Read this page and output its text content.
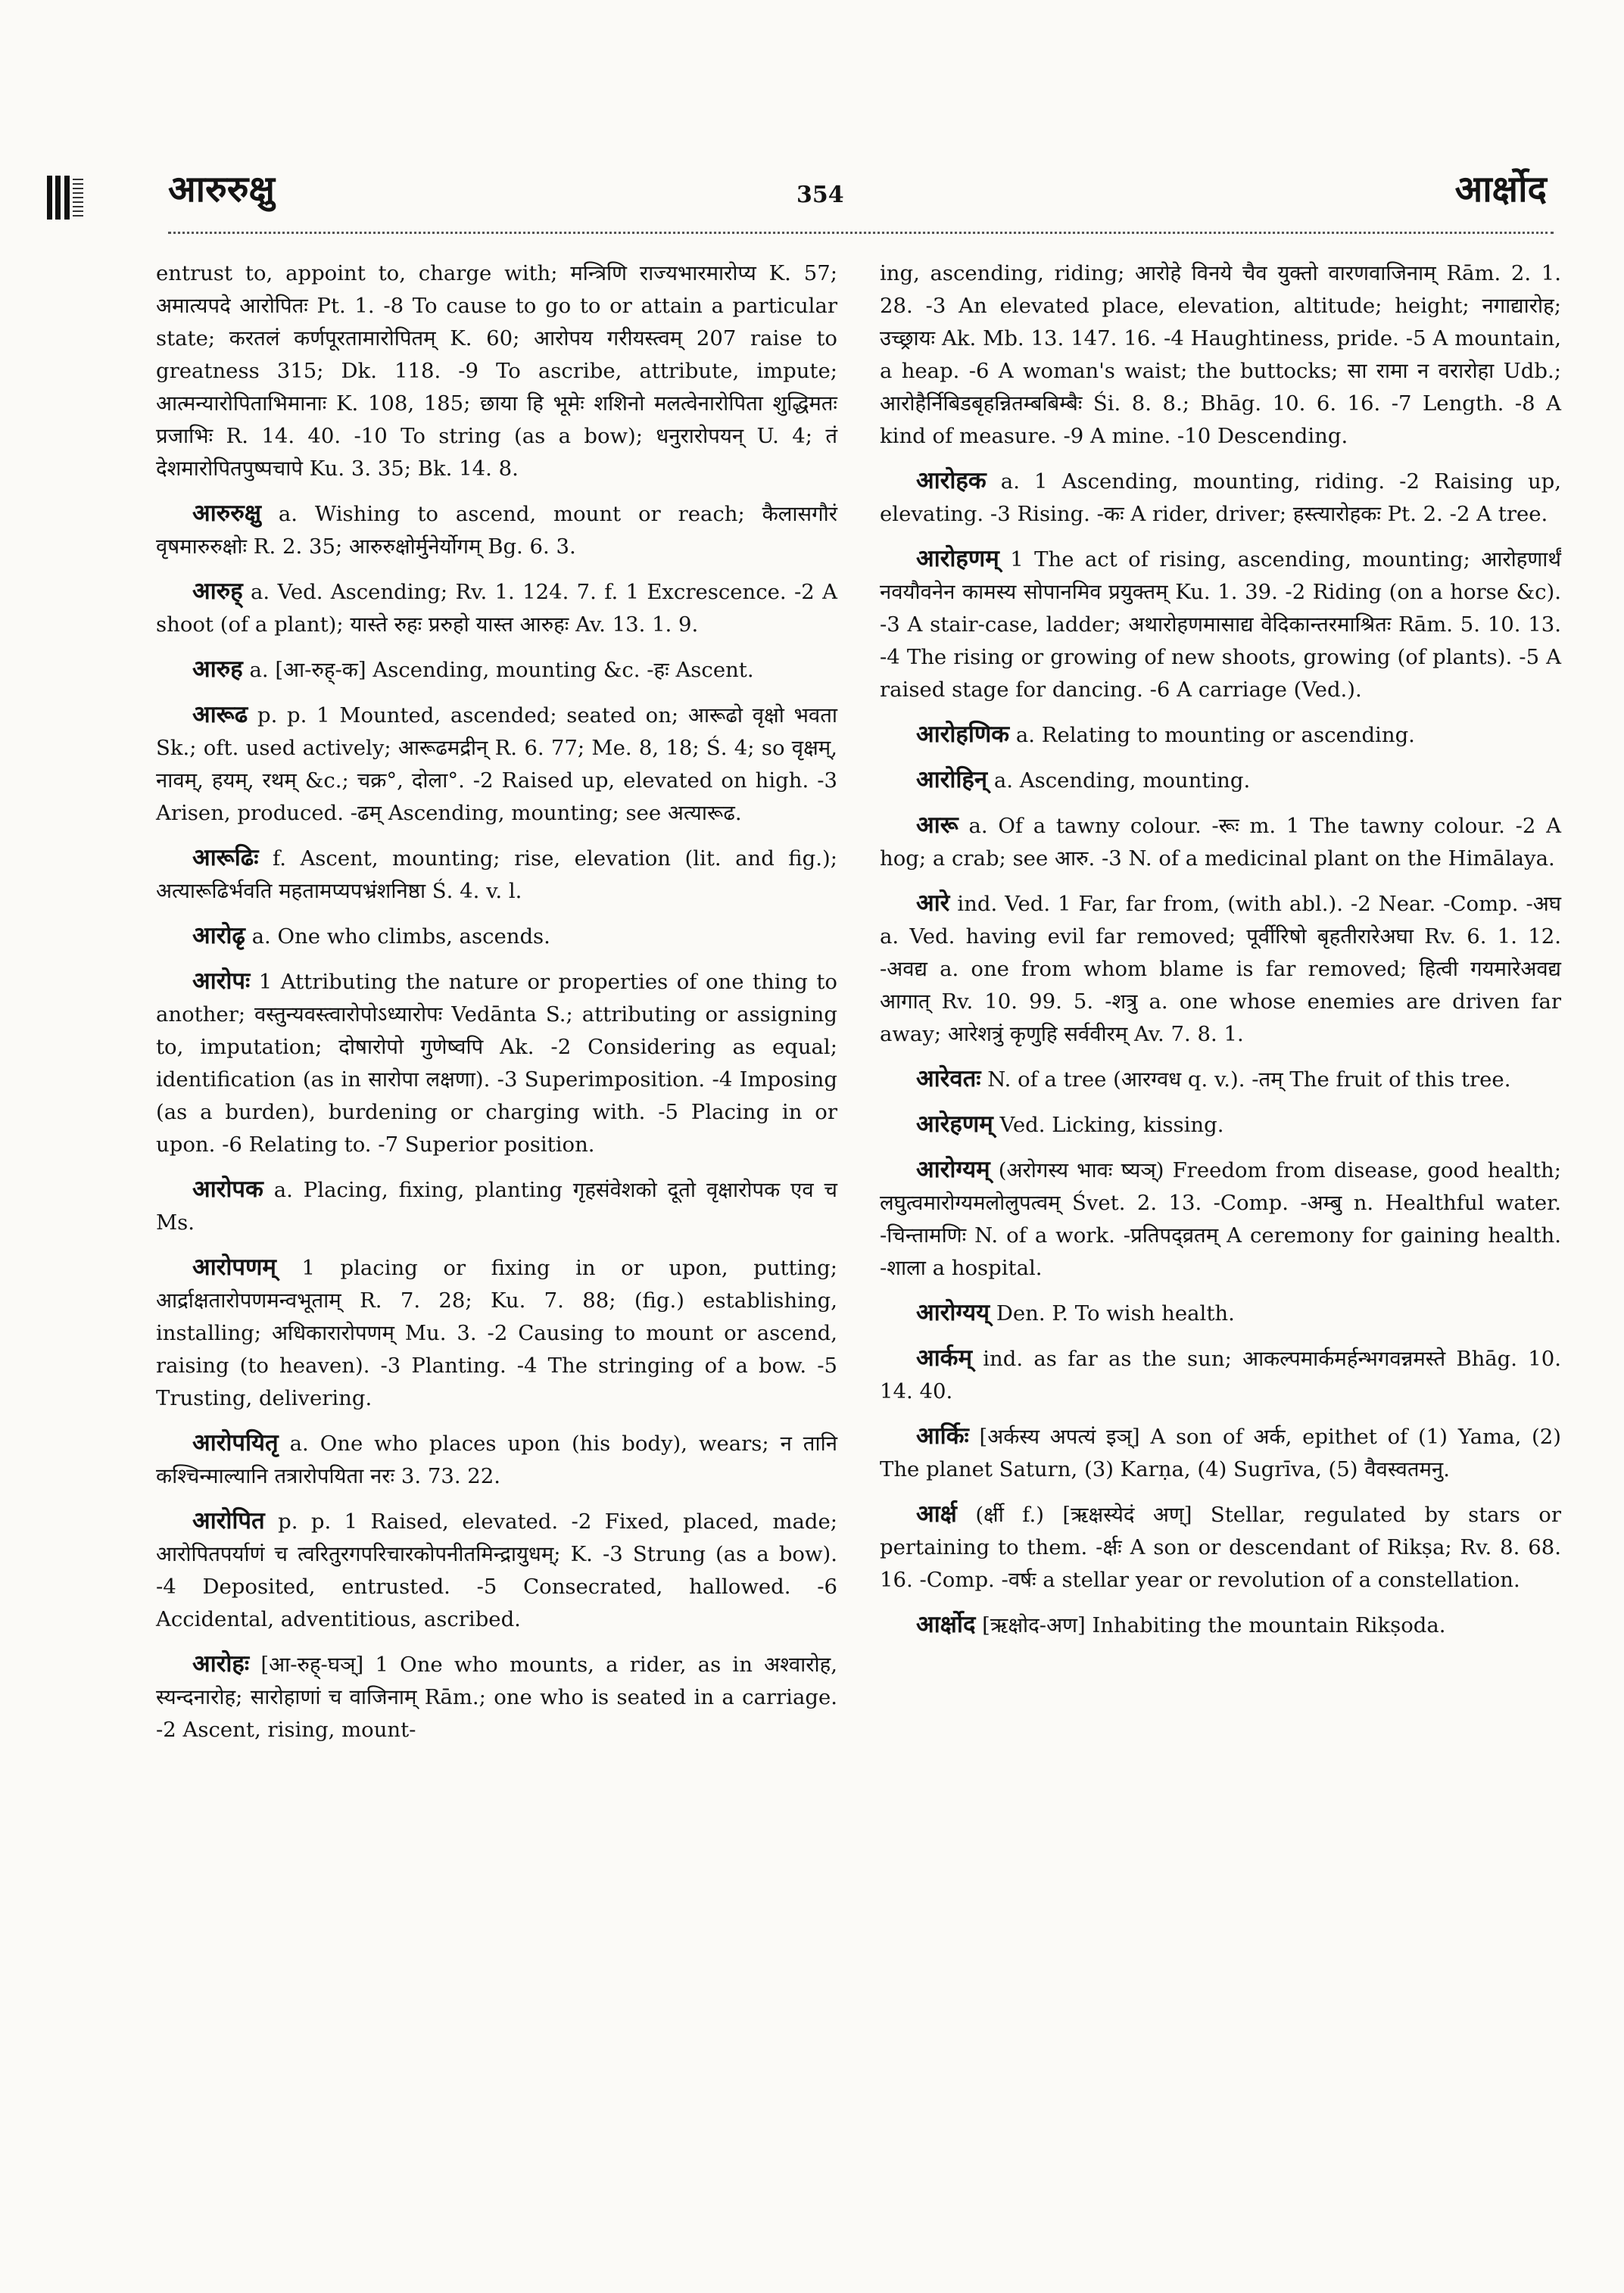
आरुरुक्षु	354	आर्क्षोद

entrust to, appoint to, charge with; मन्त्रिणि राज्यभारमारोप्य K. 57; अमात्यपदे आरोपितः Pt. 1. -8 To cause to go to or attain a particular state; करतलं कर्णपूरतामारोपितम् K. 60; आरोपय गरीयस्त्वम् 207 raise to greatness 315; Dk. 118. -9 To ascribe, attribute, impute; आत्मन्यारोपिताभिमानाः K. 108, 185; छाया हि भूमेः शशिनो मलत्वेनारोपिता शुद्धिमतः प्रजाभिः R. 14. 40. -10 To string (as a bow); धनुरारोपयन् U. 4; तं देशमारोपितपुष्पचापे Ku. 3. 35; Bk. 14. 8.

आरुरुक्षु a. Wishing to ascend, mount or reach; कैलासगौरं वृषमारुरुक्षोः R. 2. 35; आरुरुक्षोर्मुनेर्योगम् Bg. 6. 3.

आरुह् a. Ved. Ascending; Rv. 1. 124. 7. f. 1 Excrescence. -2 A shoot (of a plant); यास्ते रुहः प्ररुहो यास्त आरुहः Av. 13. 1. 9.

आरुह a. [आ-रुह्-क] Ascending, mounting &c. -हः Ascent.

आरूढ p. p. 1 Mounted, ascended; seated on; आरूढो वृक्षो भवता Sk.; oft. used actively; आरूढमद्रीन् R. 6. 77; Me. 8, 18; Ś. 4; so वृक्षम्, नावम्, हयम्, रथम् &c.; चक्र°, दोला°. -2 Raised up, elevated on high. -3 Arisen, produced. -ढम् Ascending, mounting; see अत्यारूढ.

आरूढिः f. Ascent, mounting; rise, elevation (lit. and fig.); अत्यारूढिर्भवति महतामप्यपभ्रंशनिष्ठा Ś. 4. v. l.

आरोढृ a. One who climbs, ascends.

आरोपः 1 Attributing the nature or properties of one thing to another; वस्तुन्यवस्त्वारोपोऽध्यारोपः Vedānta S.; attributing or assigning to, imputation; दोषारोपो गुणेष्वपि Ak. -2 Considering as equal; identification (as in सारोपा लक्षणा). -3 Superimposition. -4 Imposing (as a burden), burdening or charging with. -5 Placing in or upon. -6 Relating to. -7 Superior position.

आरोपक a. Placing, fixing, planting गृहसंवेशको दूतो वृक्षारोपक एव च Ms.

आरोपणम् 1 placing or fixing in or upon, putting; आर्द्राक्षतारोपणमन्वभूताम् R. 7. 28; Ku. 7. 88; (fig.) establishing, installing; अधिकारारोपणम् Mu. 3. -2 Causing to mount or ascend, raising (to heaven). -3 Planting. -4 The stringing of a bow. -5 Trusting, delivering.

आरोपयितृ a. One who places upon (his body), wears; न तानि कश्चिन्माल्यानि तत्रारोपयिता नरः 3. 73. 22.

आरोपित p. p. 1 Raised, elevated. -2 Fixed, placed, made; आरोपितपर्याणं च त्वरितुरगपरिचारकोपनीतमिन्द्रायुधम्; K. -3 Strung (as a bow). -4 Deposited, entrusted. -5 Consecrated, hallowed. -6 Accidental, adventitious, ascribed.

आरोहः [आ-रुह्-घञ्] 1 One who mounts, a rider, as in अश्वारोह, स्यन्दनारोह; सारोहाणां च वाजिनाम् Rām.; one who is seated in a carriage. -2 Ascent, rising, mount-

ing, ascending, riding; आरोहे विनये चैव युक्तो वारणवाजिनाम् Rām. 2. 1. 28. -3 An elevated place, elevation, altitude; height; नगाद्यारोह; उच्छ्रायः Ak. Mb. 13. 147. 16. -4 Haughtiness, pride. -5 A mountain, a heap. -6 A woman's waist; the buttocks; सा रामा न वरारोहा Udb.; आरोहैर्निबिडबृहन्नितम्बबिम्बैः Śi. 8. 8.; Bhāg. 10. 6. 16. -7 Length. -8 A kind of measure. -9 A mine. -10 Descending.

आरोहक a. 1 Ascending, mounting, riding. -2 Raising up, elevating. -3 Rising. -कः A rider, driver; हस्त्यारोहकः Pt. 2. -2 A tree.

आरोहणम् 1 The act of rising, ascending, mounting; आरोहणार्थं नवयौवनेन कामस्य सोपानमिव प्रयुक्तम् Ku. 1. 39. -2 Riding (on a horse &c). -3 A stair-case, ladder; अथारोहणमासाद्य वेदिकान्तरमाश्रितः Rām. 5. 10. 13. -4 The rising or growing of new shoots, growing (of plants). -5 A raised stage for dancing. -6 A carriage (Ved.).

आरोहणिक a. Relating to mounting or ascending.

आरोहिन् a. Ascending, mounting.

आरू a. Of a tawny colour. -रूः m. 1 The tawny colour. -2 A hog; a crab; see आरु. -3 N. of a medicinal plant on the Himālaya.

आरे ind. Ved. 1 Far, far from, (with abl.). -2 Near. -Comp. -अघ a. Ved. having evil far removed; पूर्वीरिषो बृहतीरारेअघा Rv. 6. 1. 12. -अवद्य a. one from whom blame is far removed; हित्वी गयमारेअवद्य आगात् Rv. 10. 99. 5. -शत्रु a. one whose enemies are driven far away; आरेशत्रुं कृणुहि सर्ववीरम् Av. 7. 8. 1.

आरेवतः N. of a tree (आरग्वध q. v.). -तम् The fruit of this tree.

आरेहणम् Ved. Licking, kissing.

आरोग्यम् (अरोगस्य भावः ष्यञ्) Freedom from disease, good health; लघुत्वमारोग्यमलोलुपत्वम् Śvet. 2. 13. -Comp. -अम्बु n. Healthful water. -चिन्तामणिः N. of a work. -प्रतिपद्व्रतम् A ceremony for gaining health. -शाला a hospital.

आरोग्यय् Den. P. To wish health.

आर्कम् ind. as far as the sun; आकल्पमार्कमर्हन्भगवन्नमस्ते Bhāg. 10. 14. 40.

आर्किः [अर्कस्य अपत्यं इञ्] A son of अर्क, epithet of (1) Yama, (2) The planet Saturn, (3) Karṇa, (4) Sugrīva, (5) वैवस्वतमनु.

आर्क्ष (र्क्षी f.) [ऋक्षस्येदं अण्] Stellar, regulated by stars or pertaining to them. -र्क्षः A son or descendant of Rikṣa; Rv. 8. 68. 16. -Comp. -वर्षः a stellar year or revolution of a constellation.

आर्क्षोद [ऋक्षोद-अण] Inhabiting the mountain Rikṣoda.
